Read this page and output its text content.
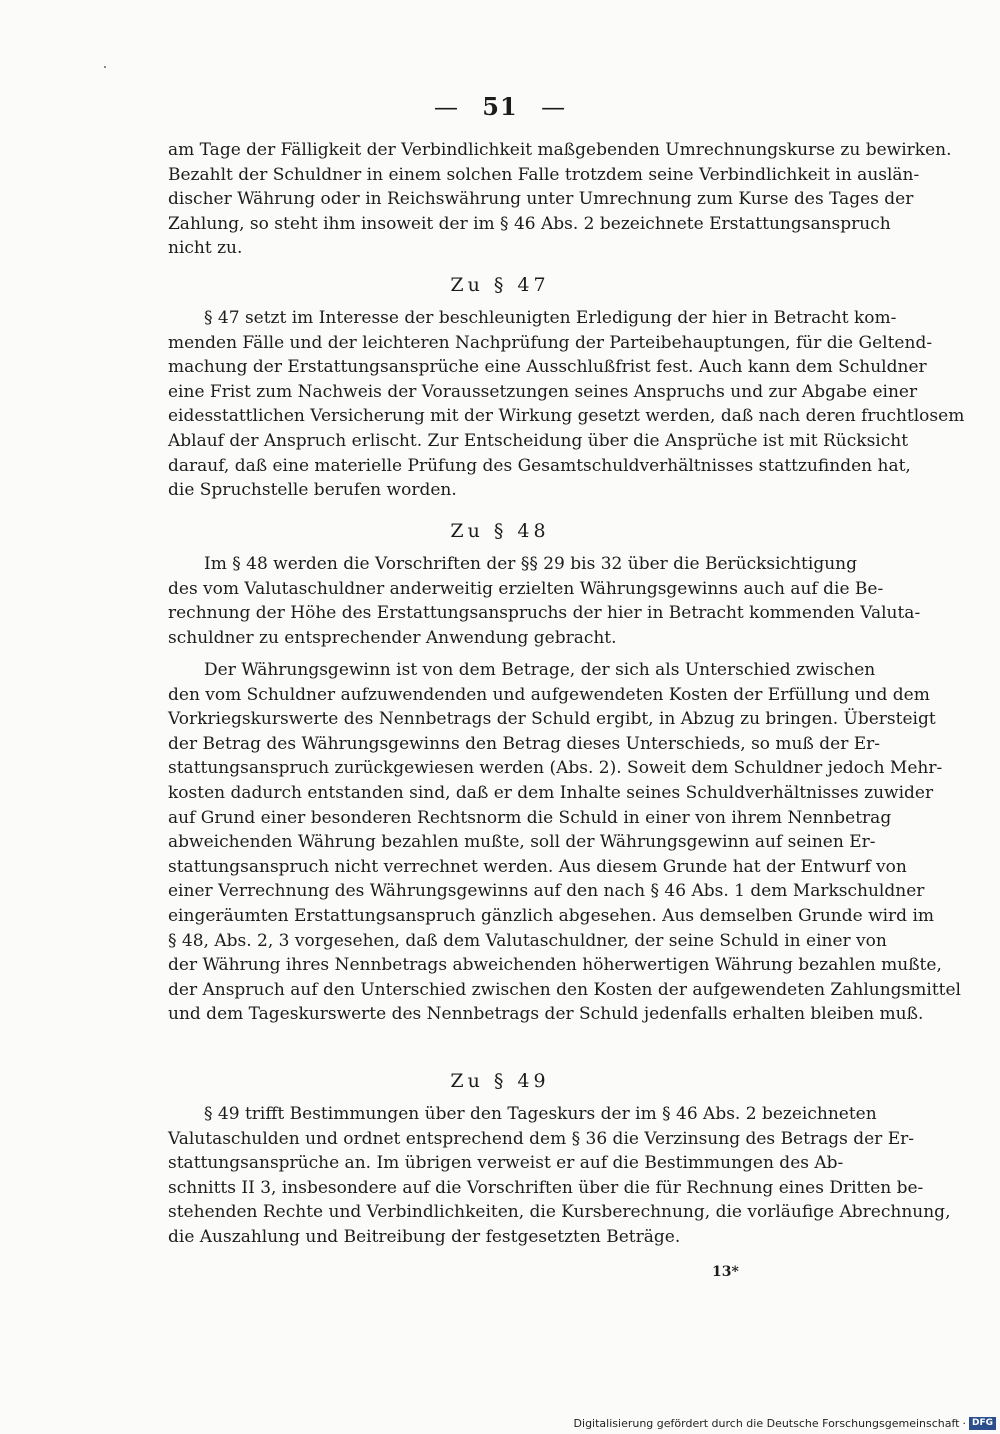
— 51 —
am Tage der Fälligkeit der Verbindlichkeit maßgebenden Umrechnungskurse zu bewirken.
Bezahlt der Schuldner in einem solchen Falle trotzdem seine Verbindlichkeit in auslän-
discher Währung oder in Reichswährung unter Umrechnung zum Kurse des Tages der
Zahlung, so steht ihm insoweit der im § 46 Abs. 2 bezeichnete Erstattungsanspruch
nicht zu.
Zu § 47
§ 47 setzt im Interesse der beschleunigten Erledigung der hier in Betracht kom-
menden Fälle und der leichteren Nachprüfung der Parteibehauptungen, für die Geltend-
machung der Erstattungsansprüche eine Ausschlußfrist fest. Auch kann dem Schuldner
eine Frist zum Nachweis der Voraussetzungen seines Anspruchs und zur Abgabe einer
eidesstattlichen Versicherung mit der Wirkung gesetzt werden, daß nach deren fruchtlosem
Ablauf der Anspruch erlischt. Zur Entscheidung über die Ansprüche ist mit Rücksicht
darauf, daß eine materielle Prüfung des Gesamtschuldverhältnisses stattzufinden hat,
die Spruchstelle berufen worden.
Zu § 48
Im § 48 werden die Vorschriften der §§ 29 bis 32 über die Berücksichtigung
des vom Valutaschuldner anderweitig erzielten Währungsgewinns auch auf die Be-
rechnung der Höhe des Erstattungsanspruchs der hier in Betracht kommenden Valuta-
schuldner zu entsprechender Anwendung gebracht.
Der Währungsgewinn ist von dem Betrage, der sich als Unterschied zwischen
den vom Schuldner aufzuwendenden und aufgewendeten Kosten der Erfüllung und dem
Vorkriegskurswerte des Nennbetrags der Schuld ergibt, in Abzug zu bringen. Übersteigt
der Betrag des Währungsgewinns den Betrag dieses Unterschieds, so muß der Er-
stattungsanspruch zurückgewiesen werden (Abs. 2). Soweit dem Schuldner jedoch Mehr-
kosten dadurch entstanden sind, daß er dem Inhalte seines Schuldverhältnisses zuwider
auf Grund einer besonderen Rechtsnorm die Schuld in einer von ihrem Nennbetrag
abweichenden Währung bezahlen mußte, soll der Währungsgewinn auf seinen Er-
stattungsanspruch nicht verrechnet werden. Aus diesem Grunde hat der Entwurf von
einer Verrechnung des Währungsgewinns auf den nach § 46 Abs. 1 dem Markschuldner
eingeräumten Erstattungsanspruch gänzlich abgesehen. Aus demselben Grunde wird im
§ 48, Abs. 2, 3 vorgesehen, daß dem Valutaschuldner, der seine Schuld in einer von
der Währung ihres Nennbetrags abweichenden höherwertigen Währung bezahlen mußte,
der Anspruch auf den Unterschied zwischen den Kosten der aufgewendeten Zahlungsmittel
und dem Tageskurswerte des Nennbetrags der Schuld jedenfalls erhalten bleiben muß.
Zu § 49
§ 49 trifft Bestimmungen über den Tageskurs der im § 46 Abs. 2 bezeichneten
Valutaschulden und ordnet entsprechend dem § 36 die Verzinsung des Betrags der Er-
stattungsansprüche an. Im übrigen verweist er auf die Bestimmungen des Ab-
schnitts II 3, insbesondere auf die Vorschriften über die für Rechnung eines Dritten be-
stehenden Rechte und Verbindlichkeiten, die Kursberechnung, die vorläufige Abrechnung,
die Auszahlung und Beitreibung der festgesetzten Beträge.
13*
Digitalisierung gefördert durch die Deutsche Forschungsgemeinschaft · DFG
